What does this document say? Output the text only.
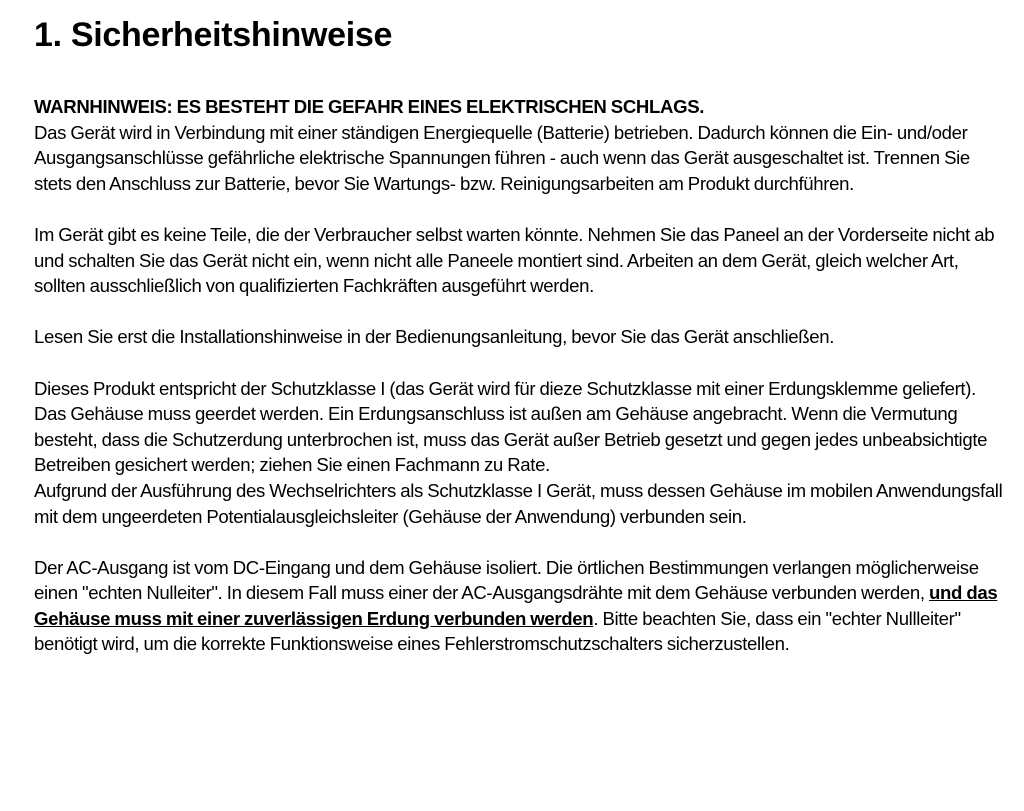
1. Sicherheitshinweise
WARNHINWEIS: ES BESTEHT DIE GEFAHR EINES ELEKTRISCHEN SCHLAGS.
Das Gerät wird in Verbindung mit einer ständigen Energiequelle (Batterie) betrieben. Dadurch können die Ein- und/oder Ausgangsanschlüsse gefährliche elektrische Spannungen führen - auch wenn das Gerät ausgeschaltet ist. Trennen Sie stets den Anschluss zur Batterie, bevor Sie Wartungs- bzw. Reinigungsarbeiten am Produkt durchführen.
Im Gerät gibt es keine Teile, die der Verbraucher selbst warten könnte. Nehmen Sie das Paneel an der Vorderseite nicht ab und schalten Sie das Gerät nicht ein, wenn nicht alle Paneele montiert sind. Arbeiten an dem Gerät, gleich welcher Art, sollten ausschließlich von qualifizierten Fachkräften ausgeführt werden.
Lesen Sie erst die Installationshinweise in der Bedienungsanleitung, bevor Sie das Gerät anschließen.
Dieses Produkt entspricht der Schutzklasse I (das Gerät wird für dieze Schutzklasse mit einer Erdungsklemme geliefert). Das Gehäuse muss geerdet werden. Ein Erdungsanschluss ist außen am Gehäuse angebracht. Wenn die Vermutung besteht, dass die Schutzerdung unterbrochen ist, muss das Gerät außer Betrieb gesetzt und gegen jedes unbeabsichtigte Betreiben gesichert werden; ziehen Sie einen Fachmann zu Rate.
Aufgrund der Ausführung des Wechselrichters als Schutzklasse I Gerät, muss dessen Gehäuse im mobilen Anwendungsfall mit dem ungeerdeten Potentialausgleichsleiter (Gehäuse der Anwendung) verbunden sein.
Der AC-Ausgang ist vom DC-Eingang und dem Gehäuse isoliert. Die örtlichen Bestimmungen verlangen möglicherweise einen "echten Nulleiter". In diesem Fall muss einer der AC-Ausgangsdrähte mit dem Gehäuse verbunden werden, und das Gehäuse muss mit einer zuverlässigen Erdung verbunden werden. Bitte beachten Sie, dass ein "echter Nullleiter" benötigt wird, um die korrekte Funktionsweise eines Fehlerstromschutzschalters sicherzustellen.
